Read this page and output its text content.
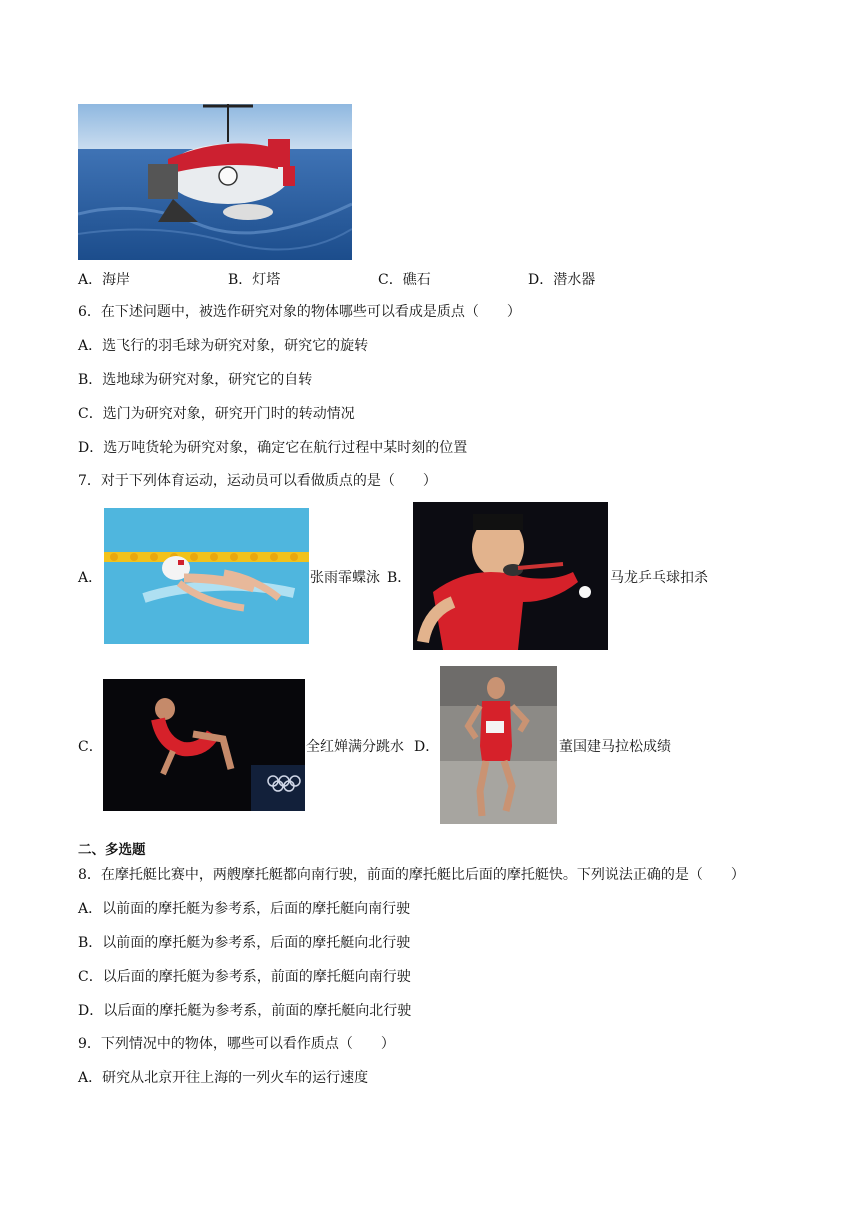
A．海岸	B．灯塔	C．礁石	D．潜水器
6．在下述问题中，被选作研究对象的物体哪些可以看成是质点（　　）
A．选飞行的羽毛球为研究对象，研究它的旋转
B．选地球为研究对象，研究它的自转
C．选门为研究对象，研究开门时的转动情况
D．选万吨货轮为研究对象，确定它在航行过程中某时刻的位置
7．对于下列体育运动，运动员可以看做质点的是（　　）
A．	张雨霏蝶泳 B．	马龙乒乓球扣杀
C．	全红婵满分跳水 D．	董国建马拉松成绩
二、多选题
8．在摩托艇比赛中，两艘摩托艇都向南行驶，前面的摩托艇比后面的摩托艇快。下列说法正确的是（　　）
A．以前面的摩托艇为参考系，后面的摩托艇向南行驶
B．以前面的摩托艇为参考系，后面的摩托艇向北行驶
C．以后面的摩托艇为参考系，前面的摩托艇向南行驶
D．以后面的摩托艇为参考系，前面的摩托艇向北行驶
9．下列情况中的物体，哪些可以看作质点（　　）
A．研究从北京开往上海的一列火车的运行速度
